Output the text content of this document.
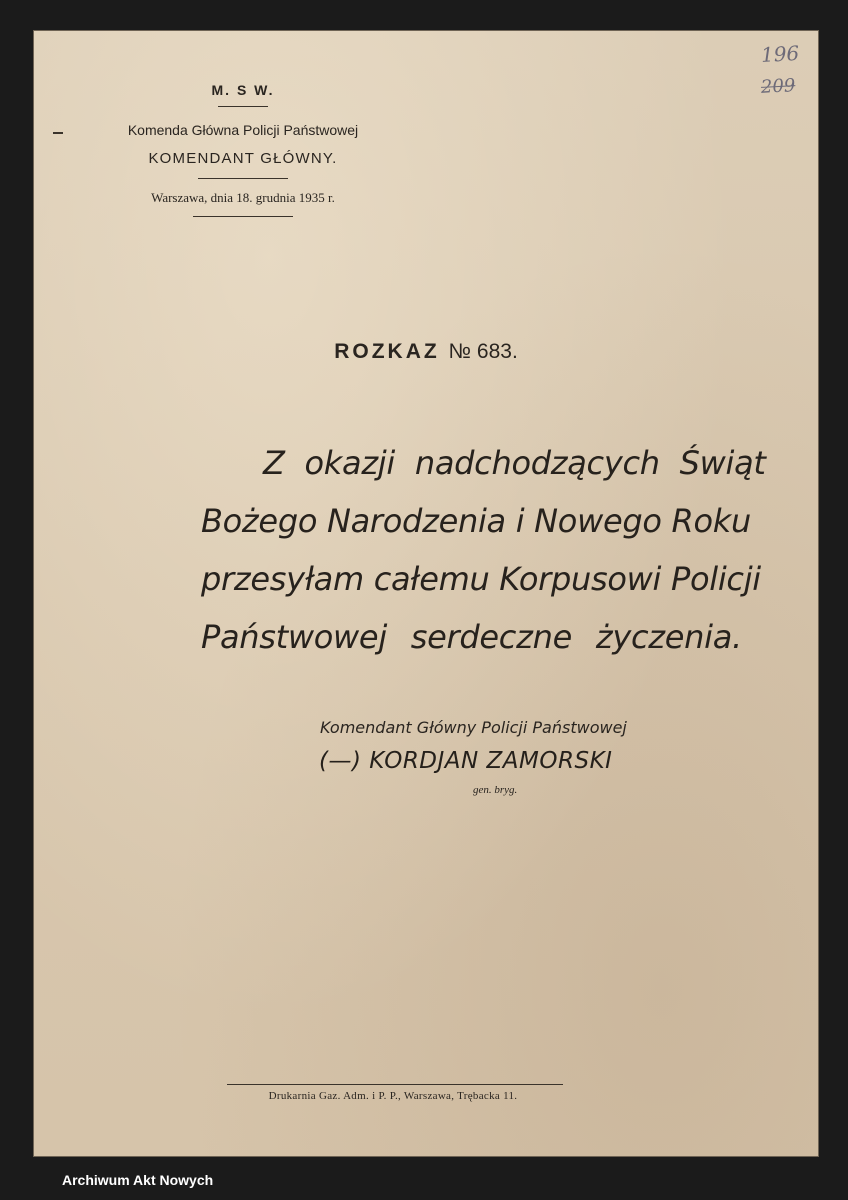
196
209
M. S W.
Komenda Główna Policji Państwowej
KOMENDANT GŁÓWNY.
Warszawa, dnia 18. grudnia 1935 r.
ROZKAZ № 683.
Z okazji nadchodzących Świąt
Bożego Narodzenia i Nowego Roku
przesyłam całemu Korpusowi Policji
Państwowej serdeczne życzenia.
Komendant Główny Policji Państwowej
(—) KORDJAN ZAMORSKI
gen. bryg.
Drukarnia Gaz. Adm. i P. P., Warszawa, Trębacka 11.
Archiwum Akt Nowych
